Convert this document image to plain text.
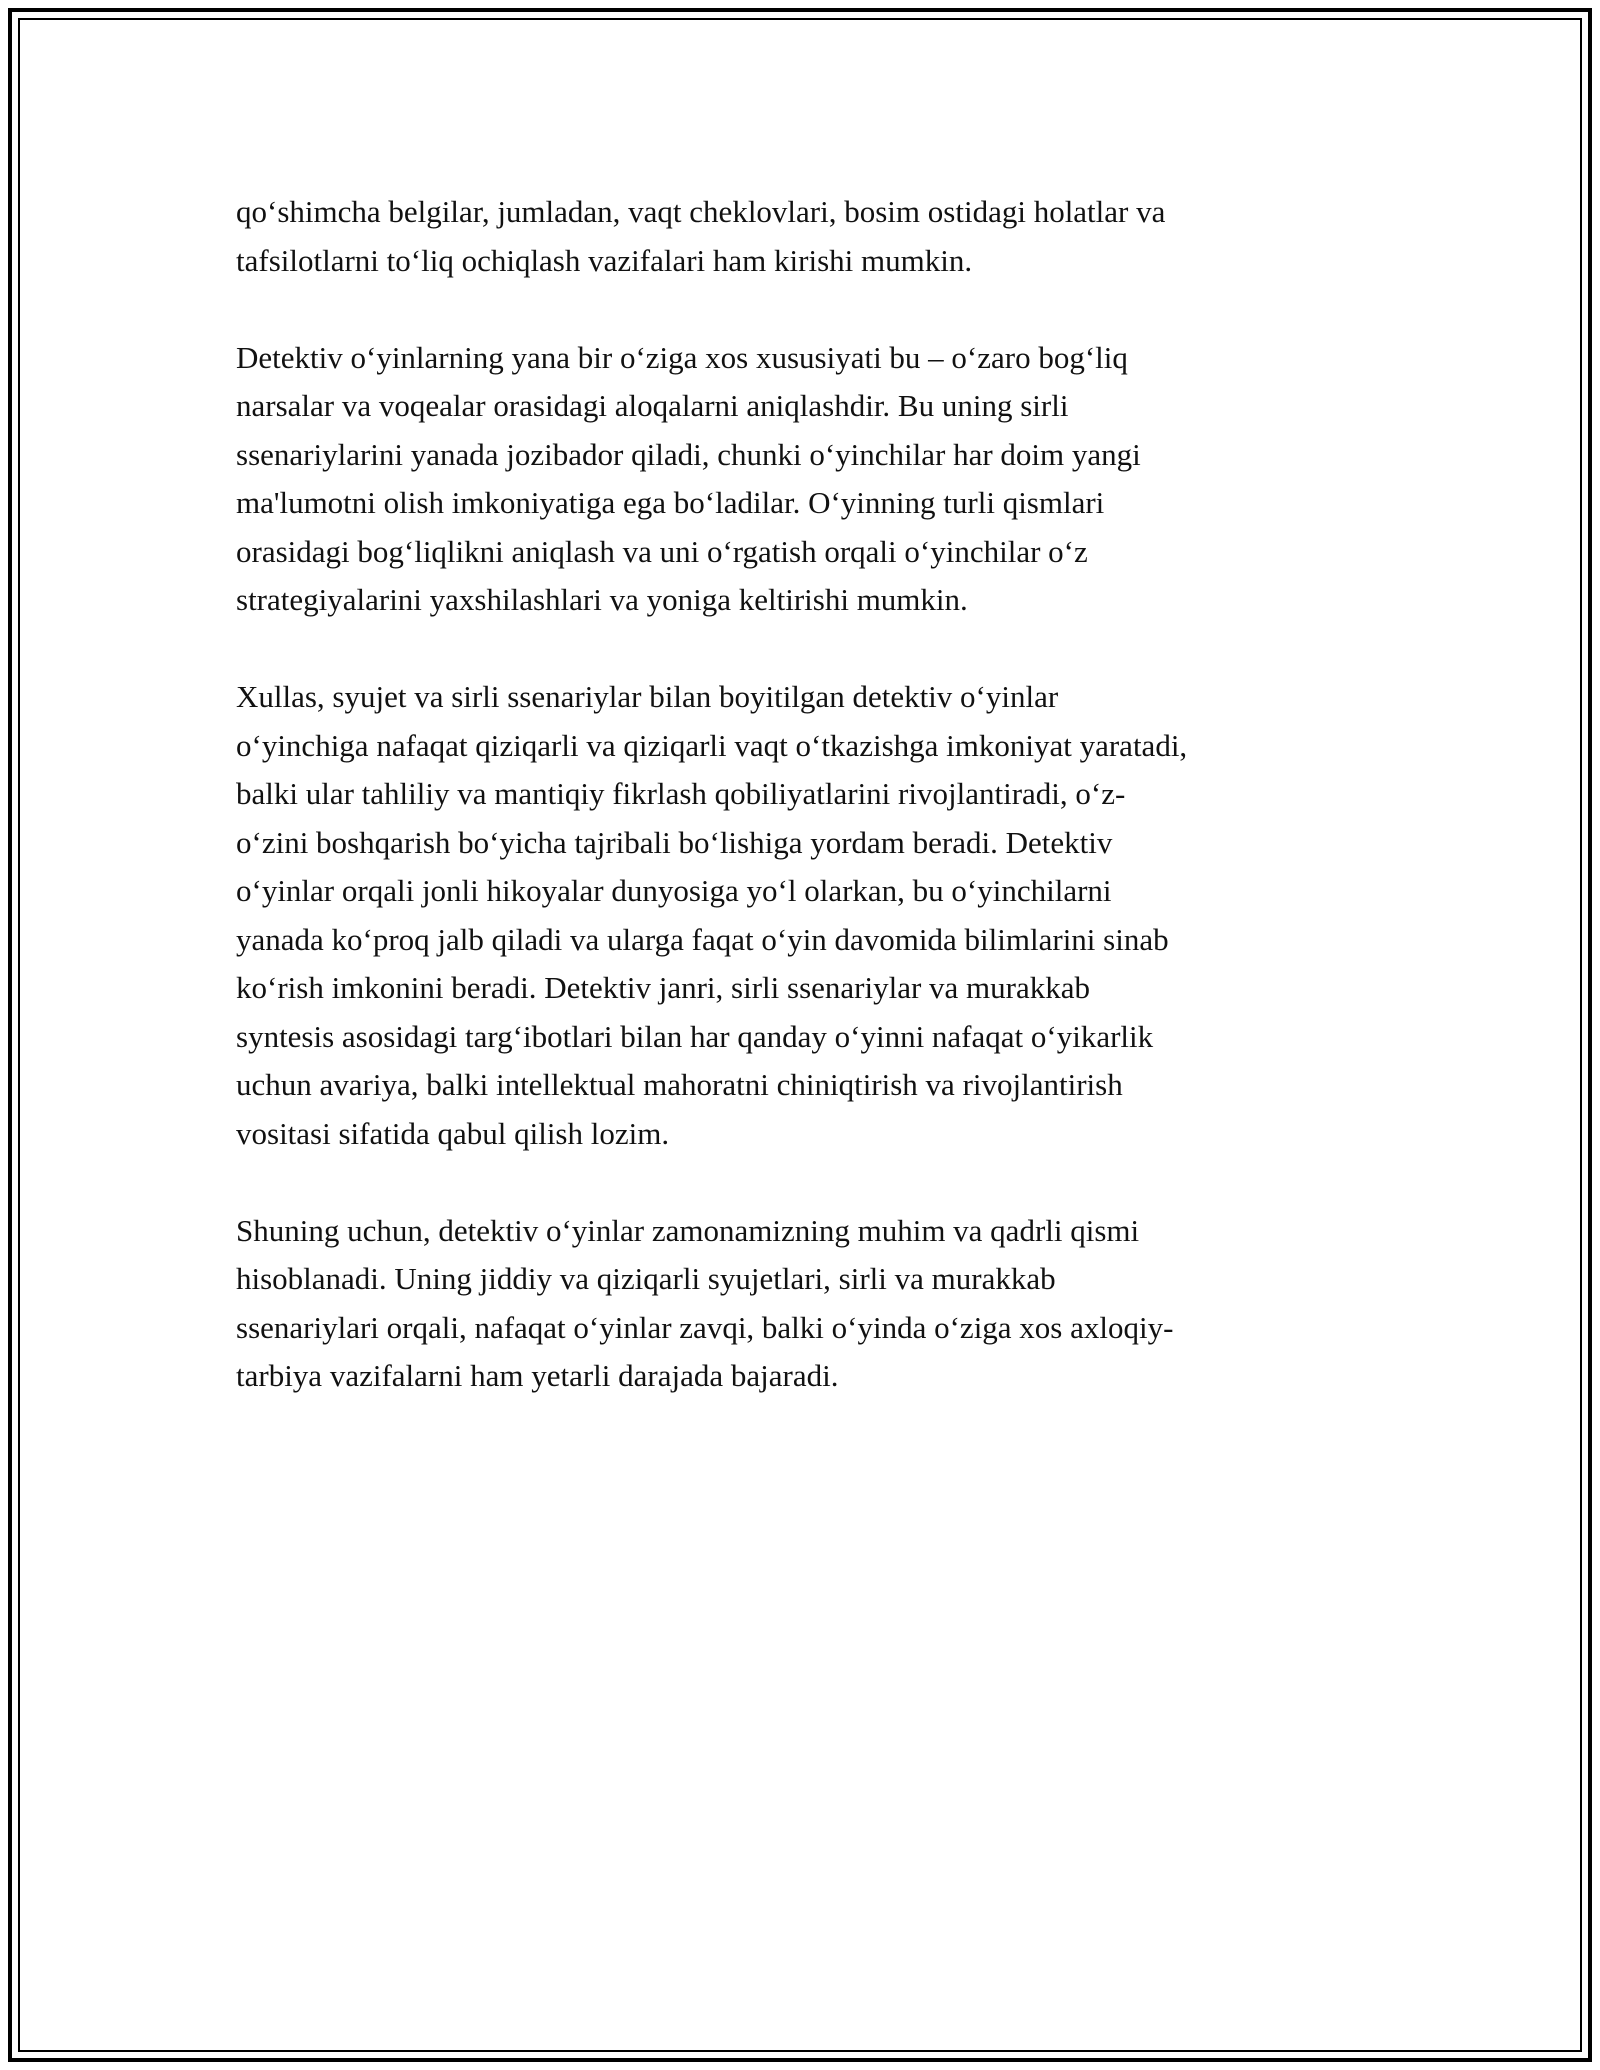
qo‘shimcha belgilar, jumladan, vaqt cheklovlari, bosim ostidagi holatlar va
tafsilotlarni to‘liq ochiqlash vazifalari ham kirishi mumkin.

Detektiv o‘yinlarning yana bir o‘ziga xos xususiyati bu – o‘zaro bog‘liq
narsalar va voqealar orasidagi aloqalarni aniqlashdir. Bu uning sirli
ssenariylarini yanada jozibador qiladi, chunki o‘yinchilar har doim yangi
ma'lumotni olish imkoniyatiga ega bo‘ladilar. O‘yinning turli qismlari
orasidagi bog‘liqlikni aniqlash va uni o‘rgatish orqali o‘yinchilar o‘z
strategiyalarini yaxshilashlari va yoniga keltirishi mumkin.

Xullas, syujet va sirli ssenariylar bilan boyitilgan detektiv o‘yinlar
o‘yinchiga nafaqat qiziqarli va qiziqarli vaqt o‘tkazishga imkoniyat yaratadi,
balki ular tahliliy va mantiqiy fikrlash qobiliyatlarini rivojlantiradi, o‘z-
o‘zini boshqarish bo‘yicha tajribali bo‘lishiga yordam beradi. Detektiv
o‘yinlar orqali jonli hikoyalar dunyosiga yo‘l olarkan, bu o‘yinchilarni
yanada ko‘proq jalb qiladi va ularga faqat o‘yin davomida bilimlarini sinab
ko‘rish imkonini beradi. Detektiv janri, sirli ssenariylar va murakkab
syntesis asosidagi targ‘ibotlari bilan har qanday o‘yinni nafaqat o‘yikarlik
uchun avariya, balki intellektual mahoratni chiniqtirish va rivojlantirish
vositasi sifatida qabul qilish lozim.

Shuning uchun, detektiv o‘yinlar zamonamizning muhim va qadrli qismi
hisoblanadi. Uning jiddiy va qiziqarli syujetlari, sirli va murakkab
ssenariylari orqali, nafaqat o‘yinlar zavqi, balki o‘yinda o‘ziga xos axloqiy-
tarbiya vazifalarni ham yetarli darajada bajaradi.
